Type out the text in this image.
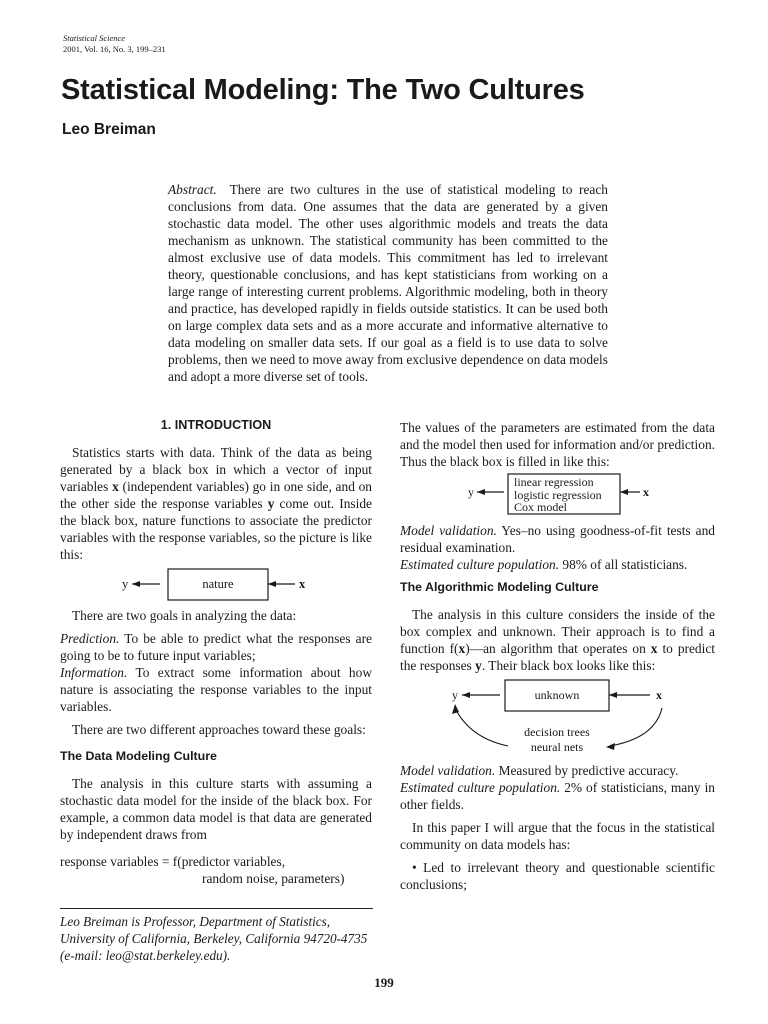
Statistical Science
2001, Vol. 16, No. 3, 199–231
Statistical Modeling: The Two Cultures
Leo Breiman

Abstract. There are two cultures in the use of statistical modeling to reach conclusions from data. One assumes that the data are generated by a given stochastic data model. The other uses algorithmic models and treats the data mechanism as unknown. The statistical community has been committed to the almost exclusive use of data models. This commitment has led to irrelevant theory, questionable conclusions, and has kept statisticians from working on a large range of interesting current problems. Algorithmic modeling, both in theory and practice, has developed rapidly in fields outside statistics. It can be used both on large complex data sets and as a more accurate and informative alternative to data modeling on smaller data sets. If our goal as a field is to use data to solve problems, then we need to move away from exclusive dependence on data models and adopt a more diverse set of tools.

1. INTRODUCTION

Statistics starts with data. Think of the data as being generated by a black box in which a vector of input variables x (independent variables) go in one side, and on the other side the response variables y come out. Inside the black box, nature functions to associate the predictor variables with the response variables, so the picture is like this:

y	nature	x

There are two goals in analyzing the data:

Prediction. To be able to predict what the responses are going to be to future input variables;

Information. To extract some information about how nature is associating the response variables to the input variables.

There are two different approaches toward these goals:

The Data Modeling Culture

The analysis in this culture starts with assuming a stochastic data model for the inside of the black box. For example, a common data model is that data are generated by independent draws from

response variables = f(predictor variables,

random noise, parameters)

Leo Breiman is Professor, Department of Statistics, University of California, Berkeley, California 94720-4735 (e-mail: leo@stat.berkeley.edu).

The values of the parameters are estimated from the data and the model then used for information and/or prediction. Thus the black box is filled in like this:

y
linear regression
logistic regression
Cox model
x

Model validation. Yes–no using goodness-of-fit tests and residual examination.

Estimated culture population. 98% of all statisticians.

The Algorithmic Modeling Culture

The analysis in this culture considers the inside of the box complex and unknown. Their approach is to find a function f(x)—an algorithm that operates on x to predict the responses y. Their black box looks like this:

y	unknown	x
decision trees
neural nets

Model validation. Measured by predictive accuracy.

Estimated culture population. 2% of statisticians, many in other fields.

In this paper I will argue that the focus in the statistical community on data models has:

• Led to irrelevant theory and questionable scientific conclusions;

199
